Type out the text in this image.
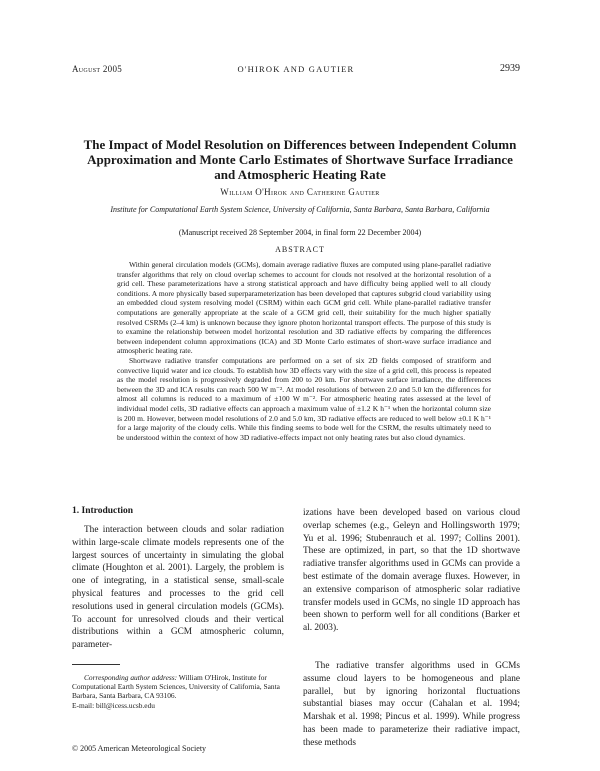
August 2005	O'HIROK AND GAUTIER	2939
The Impact of Model Resolution on Differences between Independent Column Approximation and Monte Carlo Estimates of Shortwave Surface Irradiance and Atmospheric Heating Rate
William O'Hirok and Catherine Gautier
Institute for Computational Earth System Science, University of California, Santa Barbara, Santa Barbara, California
(Manuscript received 28 September 2004, in final form 22 December 2004)
ABSTRACT

Within general circulation models (GCMs), domain average radiative fluxes are computed using plane-parallel radiative transfer algorithms that rely on cloud overlap schemes to account for clouds not resolved at the horizontal resolution of a grid cell. These parameterizations have a strong statistical approach and have difficulty being applied well to all cloudy conditions. A more physically based superparameterization has been developed that captures subgrid cloud variability using an embedded cloud system resolving model (CSRM) within each GCM grid cell. While plane-parallel radiative transfer computations are generally appropriate at the scale of a GCM grid cell, their suitability for the much higher spatially resolved CSRMs (2–4 km) is unknown because they ignore photon horizontal transport effects. The purpose of this study is to examine the relationship between model horizontal resolution and 3D radiative effects by comparing the differences between independent column approximations (ICA) and 3D Monte Carlo estimates of short-wave surface irradiance and atmospheric heating rate.

Shortwave radiative transfer computations are performed on a set of six 2D fields composed of stratiform and convective liquid water and ice clouds. To establish how 3D effects vary with the size of a grid cell, this process is repeated as the model resolution is progressively degraded from 200 to 20 km. For shortwave surface irradiance, the differences between the 3D and ICA results can reach 500 W m⁻². At model resolutions of between 2.0 and 5.0 km the differences for almost all columns is reduced to a maximum of ±100 W m⁻². For atmospheric heating rates assessed at the level of individual model cells, 3D radiative effects can approach a maximum value of ±1.2 K h⁻¹ when the horizontal column size is 200 m. However, between model resolutions of 2.0 and 5.0 km, 3D radiative effects are reduced to well below ±0.1 K h⁻¹ for a large majority of the cloudy cells. While this finding seems to bode well for the CSRM, the results ultimately need to be understood within the context of how 3D radiative-effects impact not only heating rates but also cloud dynamics.

1. Introduction

The interaction between clouds and solar radiation within large-scale climate models represents one of the largest sources of uncertainty in simulating the global climate (Houghton et al. 2001). Largely, the problem is one of integrating, in a statistical sense, small-scale physical features and processes to the grid cell resolutions used in general circulation models (GCMs). To account for unresolved clouds and their vertical distributions within a GCM atmospheric column, parameter-

izations have been developed based on various cloud overlap schemes (e.g., Geleyn and Hollingsworth 1979; Yu et al. 1996; Stubenrauch et al. 1997; Collins 2001). These are optimized, in part, so that the 1D shortwave radiative transfer algorithms used in GCMs can provide a best estimate of the domain average fluxes. However, in an extensive comparison of atmospheric solar radiative transfer models used in GCMs, no single 1D approach has been shown to perform well for all conditions (Barker et al. 2003).

The radiative transfer algorithms used in GCMs assume cloud layers to be homogeneous and plane parallel, but by ignoring horizontal fluctuations substantial biases may occur (Cahalan et al. 1994; Marshak et al. 1998; Pincus et al. 1999). While progress has been made to parameterize their radiative impact, these methods

Corresponding author address: William O'Hirok, Institute for Computational Earth System Sciences, University of California, Santa Barbara, Santa Barbara, CA 93106.

E-mail: bill@icess.ucsb.edu

© 2005 American Meteorological Society
